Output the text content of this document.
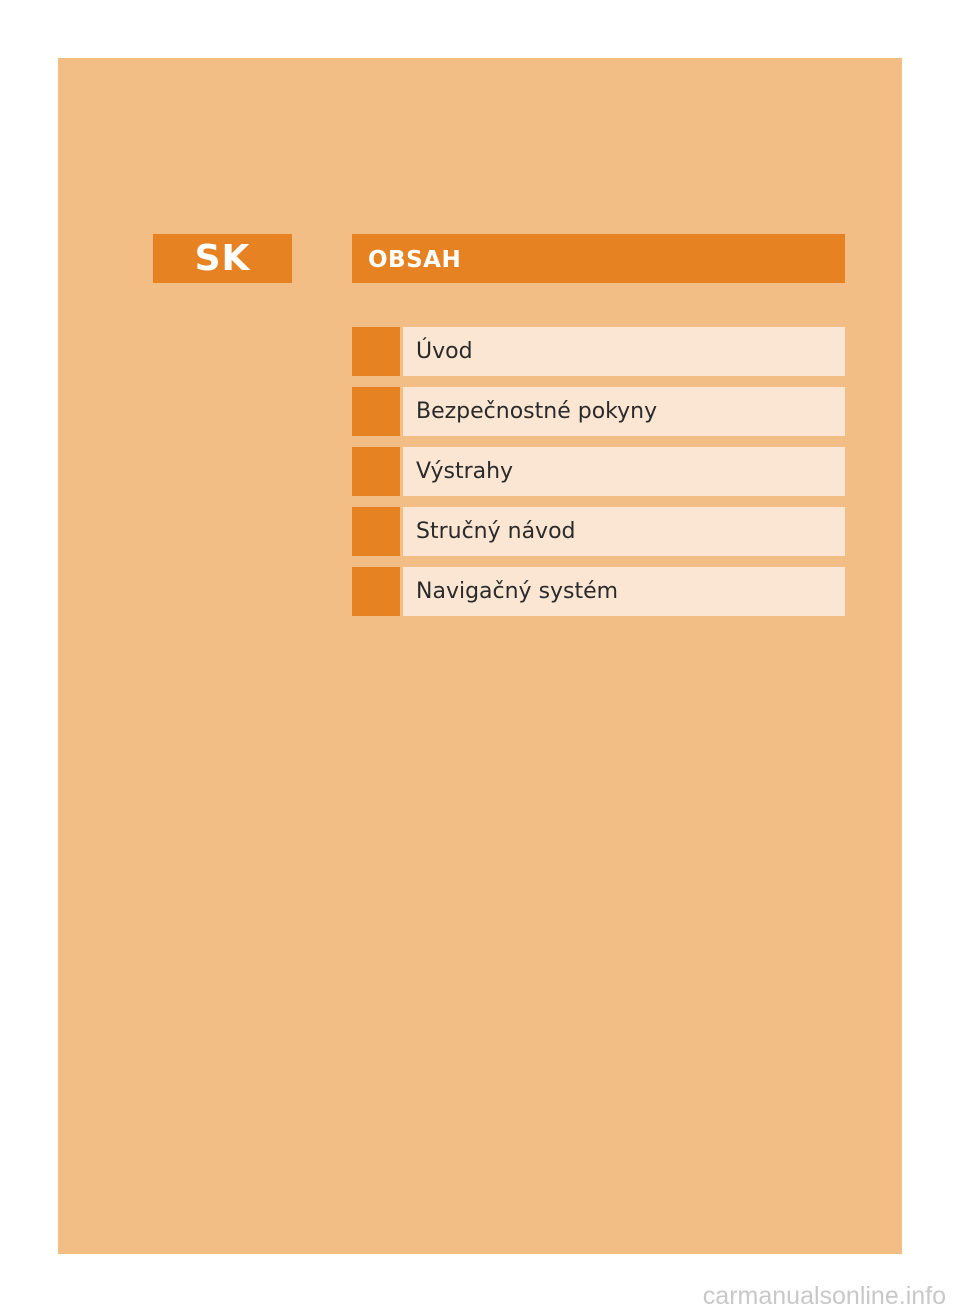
SK	OBSAH
Úvod
Bezpečnostné pokyny
Výstrahy
Stručný návod
Navigačný systém
carmanualsonline.info
